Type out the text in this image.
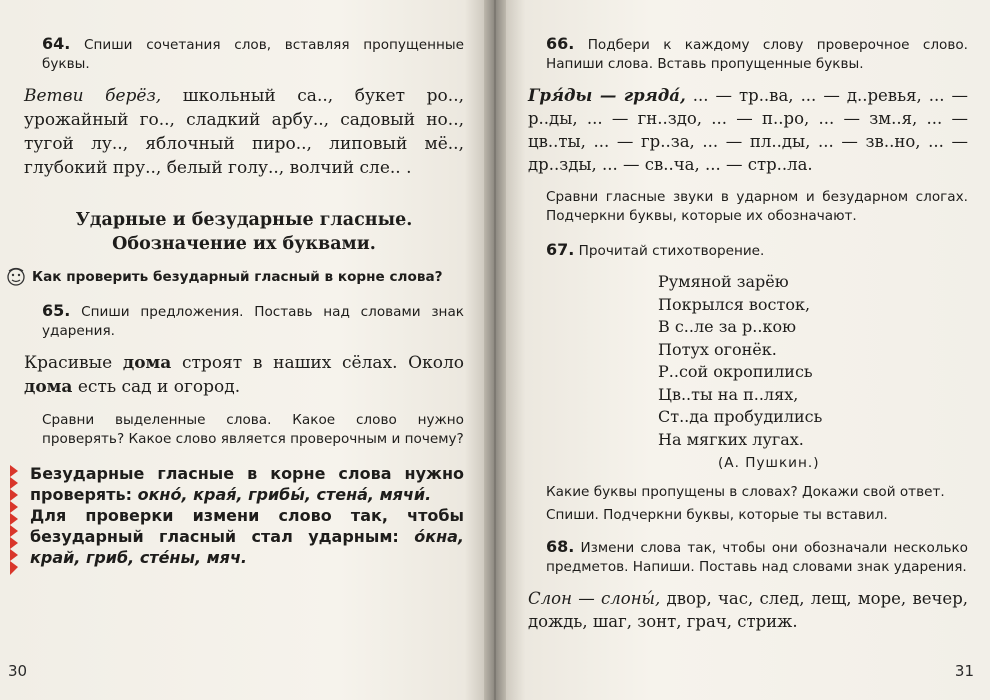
64. Спиши сочетания слов, вставляя пропущенные буквы.

Ветви берёз, школьный са.., букет ро.., урожайный го.., сладкий арбу.., садовый но.., тугой лу.., яблочный пиро.., липовый мё.., глубокий пру.., белый голу.., волчий сле.. .

Ударные и безударные гласные.
Обозначение их буквами.
Как проверить безударный гласный в корне слова?

65. Спиши предложения. Поставь над словами знак ударения.

Красивые дома строят в наших сёлах. Около дома есть сад и огород.

Сравни выделенные слова. Какое слово нужно проверять? Какое слово является проверочным и почему?

Безударные гласные в корне слова нужно проверять: окно́, края́, грибы́, стена́, мячи́.
Для проверки измени слово так, чтобы безударный гласный стал ударным: о́кна, край, гриб, сте́ны, мяч.
30

66. Подбери к каждому слову проверочное слово. Напиши слова. Вставь пропущенные буквы.

Гря́ды — гряда́, ... — тр..ва, ... — д..ревья, ... — р..ды, ... — гн..здо, ... — п..ро, ... — зм..я, ... — цв..ты, ... — гр..за, ... — пл..ды, ... — зв..но, ... — др..зды, ... — св..ча, ... — стр..ла.

Сравни гласные звуки в ударном и безударном слогах. Подчеркни буквы, которые их обозначают.

67. Прочитай стихотворение.

Румяной зарёю
Покрылся восток,
В с..ле за р..кою
Потух огонёк.
Р..сой окропились
Цв..ты на п..лях,
Ст..да пробудились
На мягких лугах.
(А. Пушкин.)

Какие буквы пропущены в словах? Докажи свой ответ.

Спиши. Подчеркни буквы, которые ты вставил.

68. Измени слова так, чтобы они обозначали несколько предметов. Напиши. Поставь над словами знак ударения.

Слон — слоны́, двор, час, след, лещ, море, вечер, дождь, шаг, зонт, грач, стриж.

31
